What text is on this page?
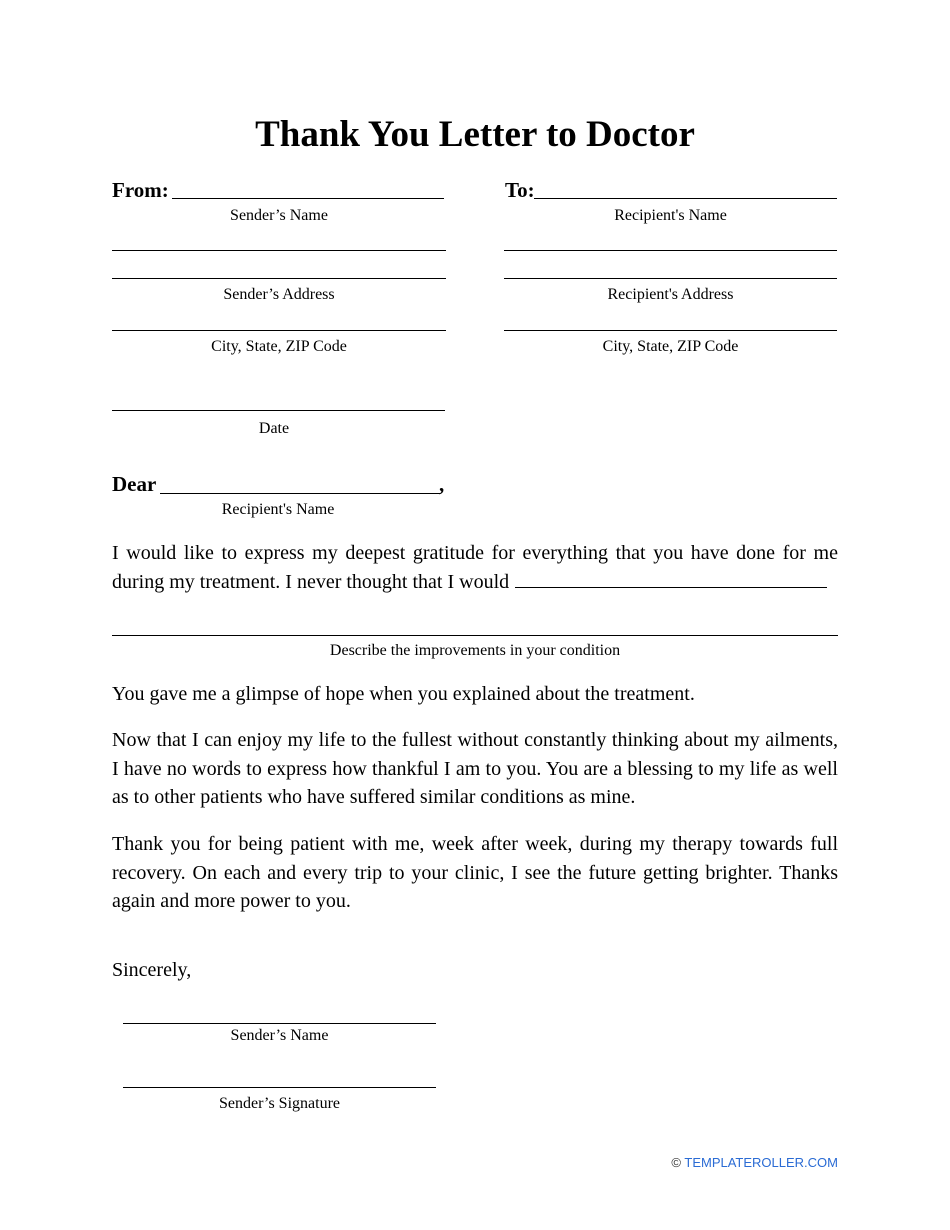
Thank You Letter to Doctor
From:
Sender’s Name
Sender’s Address
City, State, ZIP Code
To:
Recipient's Name
Recipient's Address
City, State, ZIP Code
Date
Dear	,
Recipient's Name

I would like to express my deepest gratitude for everything that you have done for me during my treatment. I never thought that I would

Describe the improvements in your condition

You gave me a glimpse of hope when you explained about the treatment.

Now that I can enjoy my life to the fullest without constantly thinking about my ailments, I have no words to express how thankful I am to you. You are a blessing to my life as well as to other patients who have suffered similar conditions as mine.

Thank you for being patient with me, week after week, during my therapy towards full recovery. On each and every trip to your clinic, I see the future getting brighter. Thanks again and more power to you.

Sincerely,
Sender’s Name
Sender’s Signature
© TEMPLATEROLLER.COM
